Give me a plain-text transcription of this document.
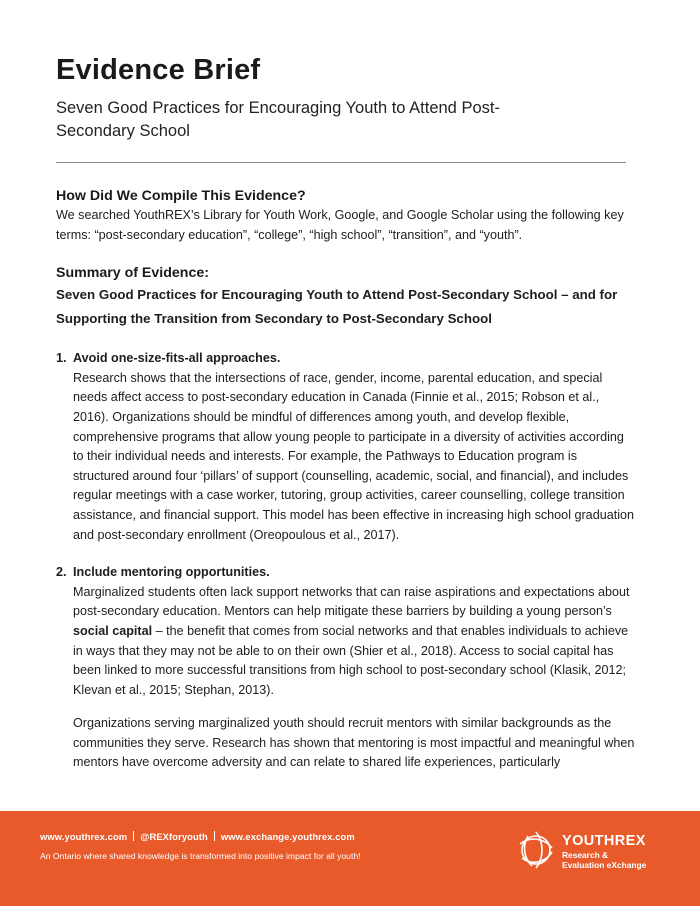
Evidence Brief
Seven Good Practices for Encouraging Youth to Attend Post-Secondary School
How Did We Compile This Evidence?

We searched YouthREX’s Library for Youth Work, Google, and Google Scholar using the following key terms: “post-secondary education”, “college”, “high school”, “transition”, and “youth”.

Summary of Evidence:

Seven Good Practices for Encouraging Youth to Attend Post-Secondary School – and for Supporting the Transition from Secondary to Post-Secondary School

1. Avoid one-size-fits-all approaches.

Research shows that the intersections of race, gender, income, parental education, and special needs affect access to post-secondary education in Canada (Finnie et al., 2015; Robson et al., 2016). Organizations should be mindful of differences among youth, and develop flexible, comprehensive programs that allow young people to participate in a diversity of activities according to their individual needs and interests. For example, the Pathways to Education program is structured around four ‘pillars’ of support (counselling, academic, social, and financial), and includes regular meetings with a case worker, tutoring, group activities, career counselling, college transition assistance, and financial support. This model has been effective in increasing high school graduation and post-secondary enrollment (Oreopoulous et al., 2017).

2. Include mentoring opportunities.

Marginalized students often lack support networks that can raise aspirations and expectations about post-secondary education. Mentors can help mitigate these barriers by building a young person’s social capital – the benefit that comes from social networks and that enables individuals to achieve in ways that they may not be able to on their own (Shier et al., 2018). Access to social capital has been linked to more successful transitions from high school to post-secondary school (Klasik, 2012; Klevan et al., 2015; Stephan, 2013).

Organizations serving marginalized youth should recruit mentors with similar backgrounds as the communities they serve. Research has shown that mentoring is most impactful and meaningful when mentors have overcome adversity and can relate to shared life experiences, particularly

www.youthrex.com @REXforyouth www.exchange.youthrex.com
An Ontario where shared knowledge is transformed into positive impact for all youth!
YOUTHREX
Research &
Evaluation eXchange
